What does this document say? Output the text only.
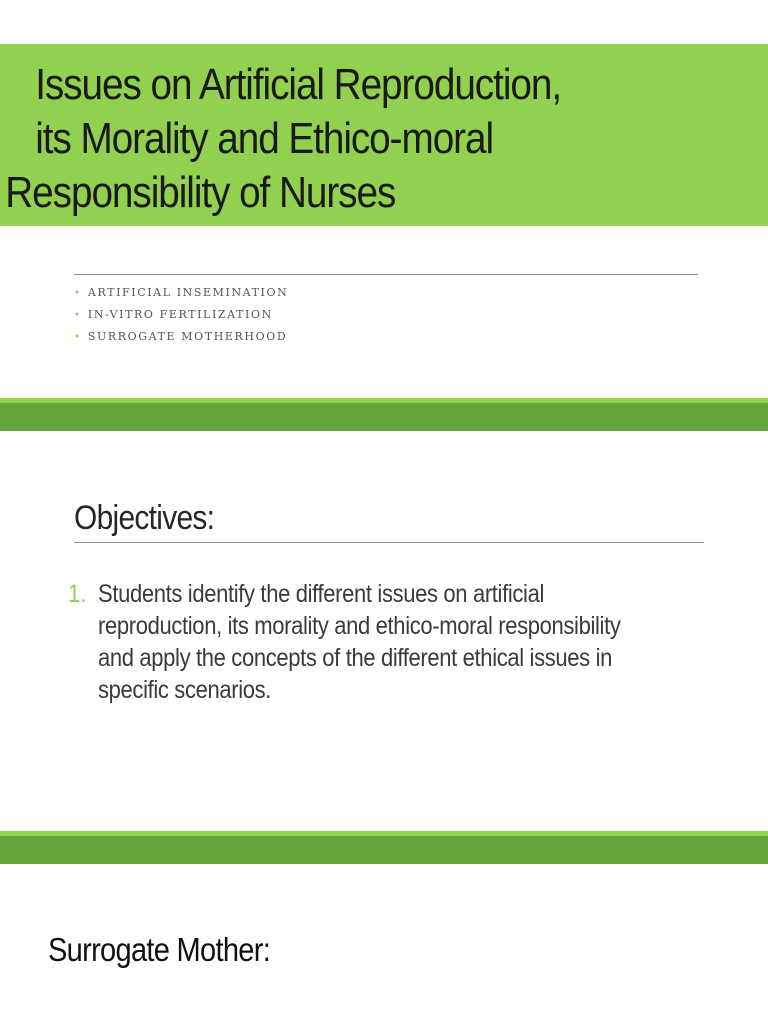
Issues on Artificial Reproduction,
its Morality and Ethico-moral
Responsibility of Nurses
• ARTIFICIAL INSEMINATION
• IN-VITRO FERTILIZATION
• SURROGATE MOTHERHOOD
Objectives:
1. Students identify the different issues on artificial
reproduction, its morality and ethico-moral responsibility
and apply the concepts of the different ethical issues in
specific scenarios.
Surrogate Mother:
